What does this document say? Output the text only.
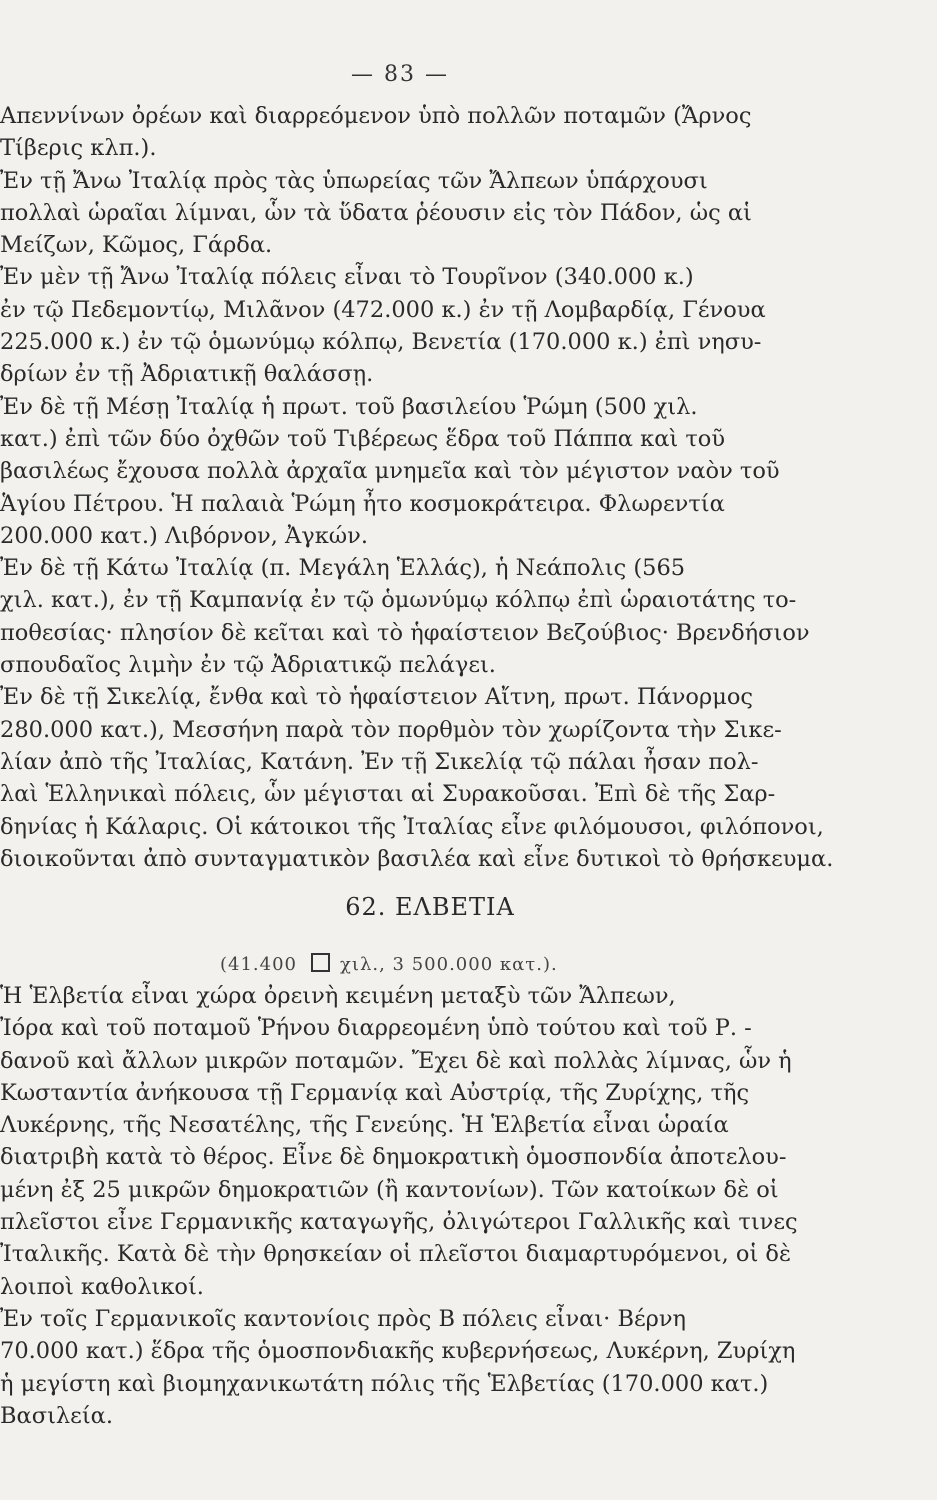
— 83 —
Απεννίνων ὀρέων καὶ διαρρεόμενον ὑπὸ πολλῶν ποταμῶν (Ἄρνος
Τίβερις κλπ.).
Ἐν τῇ Ἄνω Ἰταλίᾳ πρὸς τὰς ὑπωρείας τῶν Ἄλπεων ὑπάρχουσι
πολλαὶ ὡραῖαι λίμναι, ὧν τὰ ὕδατα ῥέουσιν εἰς τὸν Πάδον, ὡς αἱ
Μείζων, Κῶμος, Γάρδα.
Ἐν μὲν τῇ Ἄνω Ἰταλίᾳ πόλεις εἶναι τὸ Τουρῖνον (340.000 κ.)
ἐν τῷ Πεδεμοντίῳ, Μιλᾶνον (472.000 κ.) ἐν τῇ Λομβαρδίᾳ, Γένουα
225.000 κ.) ἐν τῷ ὁμωνύμῳ κόλπῳ, Βενετία (170.000 κ.) ἐπὶ νησυ-
δρίων ἐν τῇ Ἀδριατικῇ θαλάσσῃ.
Ἐν δὲ τῇ Μέσῃ Ἰταλίᾳ ἡ πρωτ. τοῦ βασιλείου Ῥώμη (500 χιλ.
κατ.) ἐπὶ τῶν δύο ὀχθῶν τοῦ Τιβέρεως ἕδρα τοῦ Πάππα καὶ τοῦ
βασιλέως ἔχουσα πολλὰ ἀρχαῖα μνημεῖα καὶ τὸν μέγιστον ναὸν τοῦ
Ἁγίου Πέτρου. Ἡ παλαιὰ Ῥώμη ἦτο κοσμοκράτειρα. Φλωρεντία
200.000 κατ.) Λιβόρνον, Ἀγκών.
Ἐν δὲ τῇ Κάτω Ἰταλίᾳ (π. Μεγάλη Ἑλλάς), ἡ Νεάπολις (565
χιλ. κατ.), ἐν τῇ Καμπανίᾳ ἐν τῷ ὁμωνύμῳ κόλπῳ ἐπὶ ὡραιοτάτης το-
ποθεσίας· πλησίον δὲ κεῖται καὶ τὸ ἡφαίστειον Βεζούβιος· Βρενδήσιον
σπουδαῖος λιμὴν ἐν τῷ Ἀδριατικῷ πελάγει.
Ἐν δὲ τῇ Σικελίᾳ, ἔνθα καὶ τὸ ἡφαίστειον Αἴτνη, πρωτ. Πάνορμος
280.000 κατ.), Μεσσήνη παρὰ τὸν πορθμὸν τὸν χωρίζοντα τὴν Σικε-
λίαν ἀπὸ τῆς Ἰταλίας, Κατάνη. Ἐν τῇ Σικελίᾳ τῷ πάλαι ἦσαν πολ-
λαὶ Ἑλληνικαὶ πόλεις, ὧν μέγισται αἱ Συρακοῦσαι. Ἐπὶ δὲ τῆς Σαρ-
δηνίας ἡ Κάλαρις. Οἱ κάτοικοι τῆς Ἰταλίας εἶνε φιλόμουσοι, φιλόπονοι,
διοικοῦνται ἀπὸ συνταγματικὸν βασιλέα καὶ εἶνε δυτικοὶ τὸ θρήσκευμα.
62. ΕΛΒΕΤΙΑ
(41.400 χιλ., 3 500.000 κατ.).
Ἡ Ἑλβετία εἶναι χώρα ὀρεινὴ κειμένη μεταξὺ τῶν Ἄλπεων,
Ἰόρα καὶ τοῦ ποταμοῦ Ῥήνου διαρρεομένη ὑπὸ τούτου καὶ τοῦ Ρ. -
δανοῦ καὶ ἄλλων μικρῶν ποταμῶν. Ἔχει δὲ καὶ πολλὰς λίμνας, ὧν ἡ
Κωσταντία ἀνήκουσα τῇ Γερμανίᾳ καὶ Αὐστρίᾳ, τῆς Ζυρίχης, τῆς
Λυκέρνης, τῆς Νεσατέλης, τῆς Γενεύης. Ἡ Ἑλβετία εἶναι ὡραία
διατριβὴ κατὰ τὸ θέρος. Εἶνε δὲ δημοκρατικὴ ὁμοσπονδία ἀποτελου-
μένη ἐξ 25 μικρῶν δημοκρατιῶν (ἢ καντονίων). Τῶν κατοίκων δὲ οἱ
πλεῖστοι εἶνε Γερμανικῆς καταγωγῆς, ὀλιγώτεροι Γαλλικῆς καὶ τινες
Ἰταλικῆς. Κατὰ δὲ τὴν θρησκείαν οἱ πλεῖστοι διαμαρτυρόμενοι, οἱ δὲ
λοιποὶ καθολικοί.
Ἐν τοῖς Γερμανικοῖς καντονίοις πρὸς Β πόλεις εἶναι· Βέρνη
70.000 κατ.) ἕδρα τῆς ὁμοσπονδιακῆς κυβερνήσεως, Λυκέρνη, Ζυρίχη
ἡ μεγίστη καὶ βιομηχανικωτάτη πόλις τῆς Ἑλβετίας (170.000 κατ.)
Βασιλεία.
